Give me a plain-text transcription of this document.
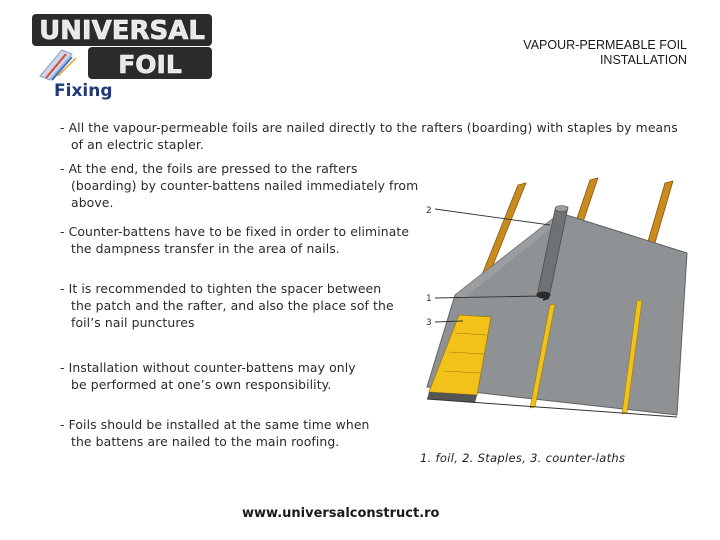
UNIVERSAL
FOIL
VAPOUR-PERMEABLE FOIL
INSTALLATION
Fixing
- All the vapour-permeable foils are nailed directly to the rafters (boarding) with staples by means
of an electric stapler.
- At the end, the foils are pressed to the rafters
(boarding) by counter-battens nailed immediately from
above.
- Counter-battens have to be fixed in order to eliminate
the dampness transfer in the area of nails.
- It is recommended to tighten the spacer between
the patch and the rafter, and also the place sof the
foil’s nail punctures
- Installation without counter-battens may only
be performed at one’s own responsibility.
- Foils should be installed at the same time when
the battens are nailed to the main roofing.
2
1
3
1. foil, 2. Staples, 3. counter-laths
www.universalconstruct.ro
